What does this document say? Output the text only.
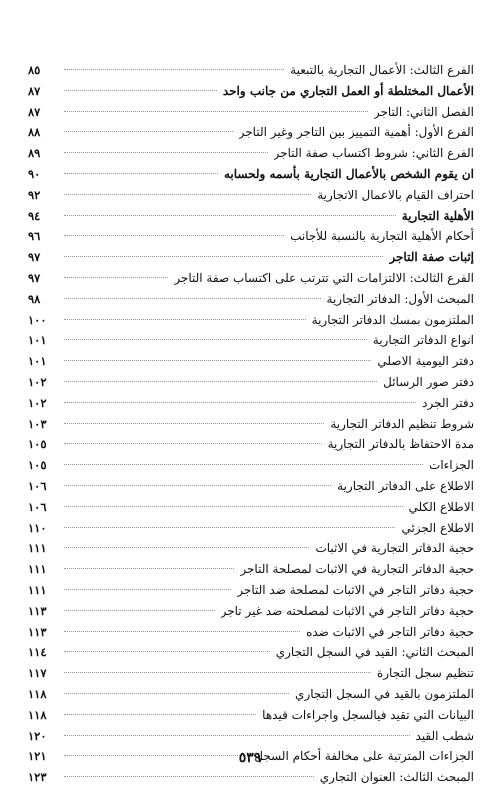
الفرع الثالث: الأعمال التجارية بالتبعية
٨٥
الأعمال المختلطة أو العمل التجاري من جانب واحد
٨٧
الفصل الثاني: التاجر
٨٧
الفرع الأول: أهمية التمييز بين التاجر وغير التاجر
٨٨
الفرع الثاني: شروط اكتساب صفة التاجر
٨٩
ان يقوم الشخص بالأعمال التجارية بأسمه ولحسابه
٩٠
احتراف القيام بالاعمال الاتجارية
٩٢
الأهلية التجارية
٩٤
أحكام الأهلية التجارية بالنسبة للأجانب
٩٦
إثبات صفة التاجر
٩٧
الفرع الثالث: الالتزامات التي تترتب على اكتساب صفة التاجر
٩٧
المبحث الأول: الدفاتر التجارية
٩٨
الملتزمون بمسك الدفاتر التجارية
١٠٠
انواع الدفاتر التجارية
١٠١
دفتر اليومية الاصلي
١٠١
دفتر صور الرسائل
١٠٢
دفتر الجرد
١٠٢
شروط تنظيم الدفاتر التجارية
١٠٣
مدة الاحتفاظ بالدفاتر التجارية
١٠٥
الجزاءات
١٠٥
الاطلاع على الدفاتر التجارية
١٠٦
الاطلاع الكلي
١٠٦
الاطلاع الجزئي
١١٠
حجية الدفاتر التجارية في الاثبات
١١١
حجية الدفاتر التجارية في الاثبات لمصلحة التاجر
١١١
حجية دفاتر التاجر في الاثبات لمصلحة ضد التاجر
١١١
حجية دفاتر التاجر في الاثبات لمصلحته ضد غير تاجر
١١٣
حجية دفاتر التاجر في الاثبات ضده
١١٣
المبحث الثاني: القيد في السجل التجاري
١١٤
تنظيم سجل التجارة
١١٧
الملتزمون بالقيد في السجل التجاري
١١٨
البيانات التي تقيد فيالسجل واجراءات قيدها
١١٨
شطب القيد
١٢٠
الجزاءات المترتبة على مخالفة أحكام السجل
١٢١
المبحث الثالث: العنوان التجاري
١٢٣
٥٣٩
